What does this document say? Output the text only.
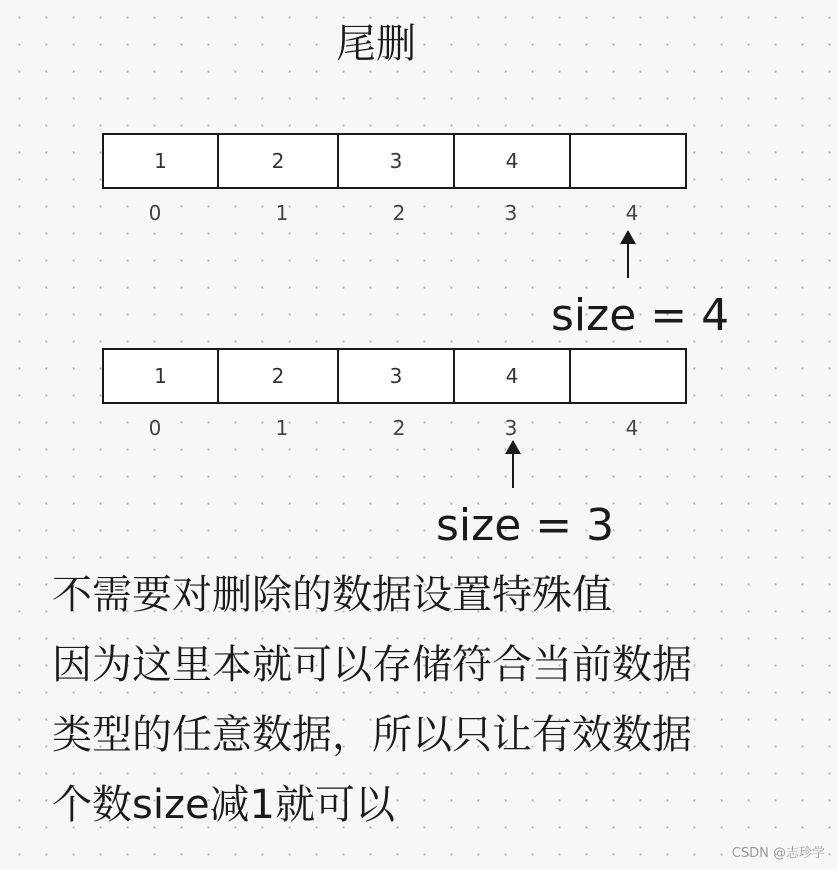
尾删
1	2	3	4
0	1	2	3	4
size = 4
1	2	3	4
0	1	2	3	4
size = 3
不需要对删除的数据设置特殊值
因为这里本就可以存储符合当前数据
类型的任意数据，所以只让有效数据
个数size减1就可以
CSDN @志珍学
